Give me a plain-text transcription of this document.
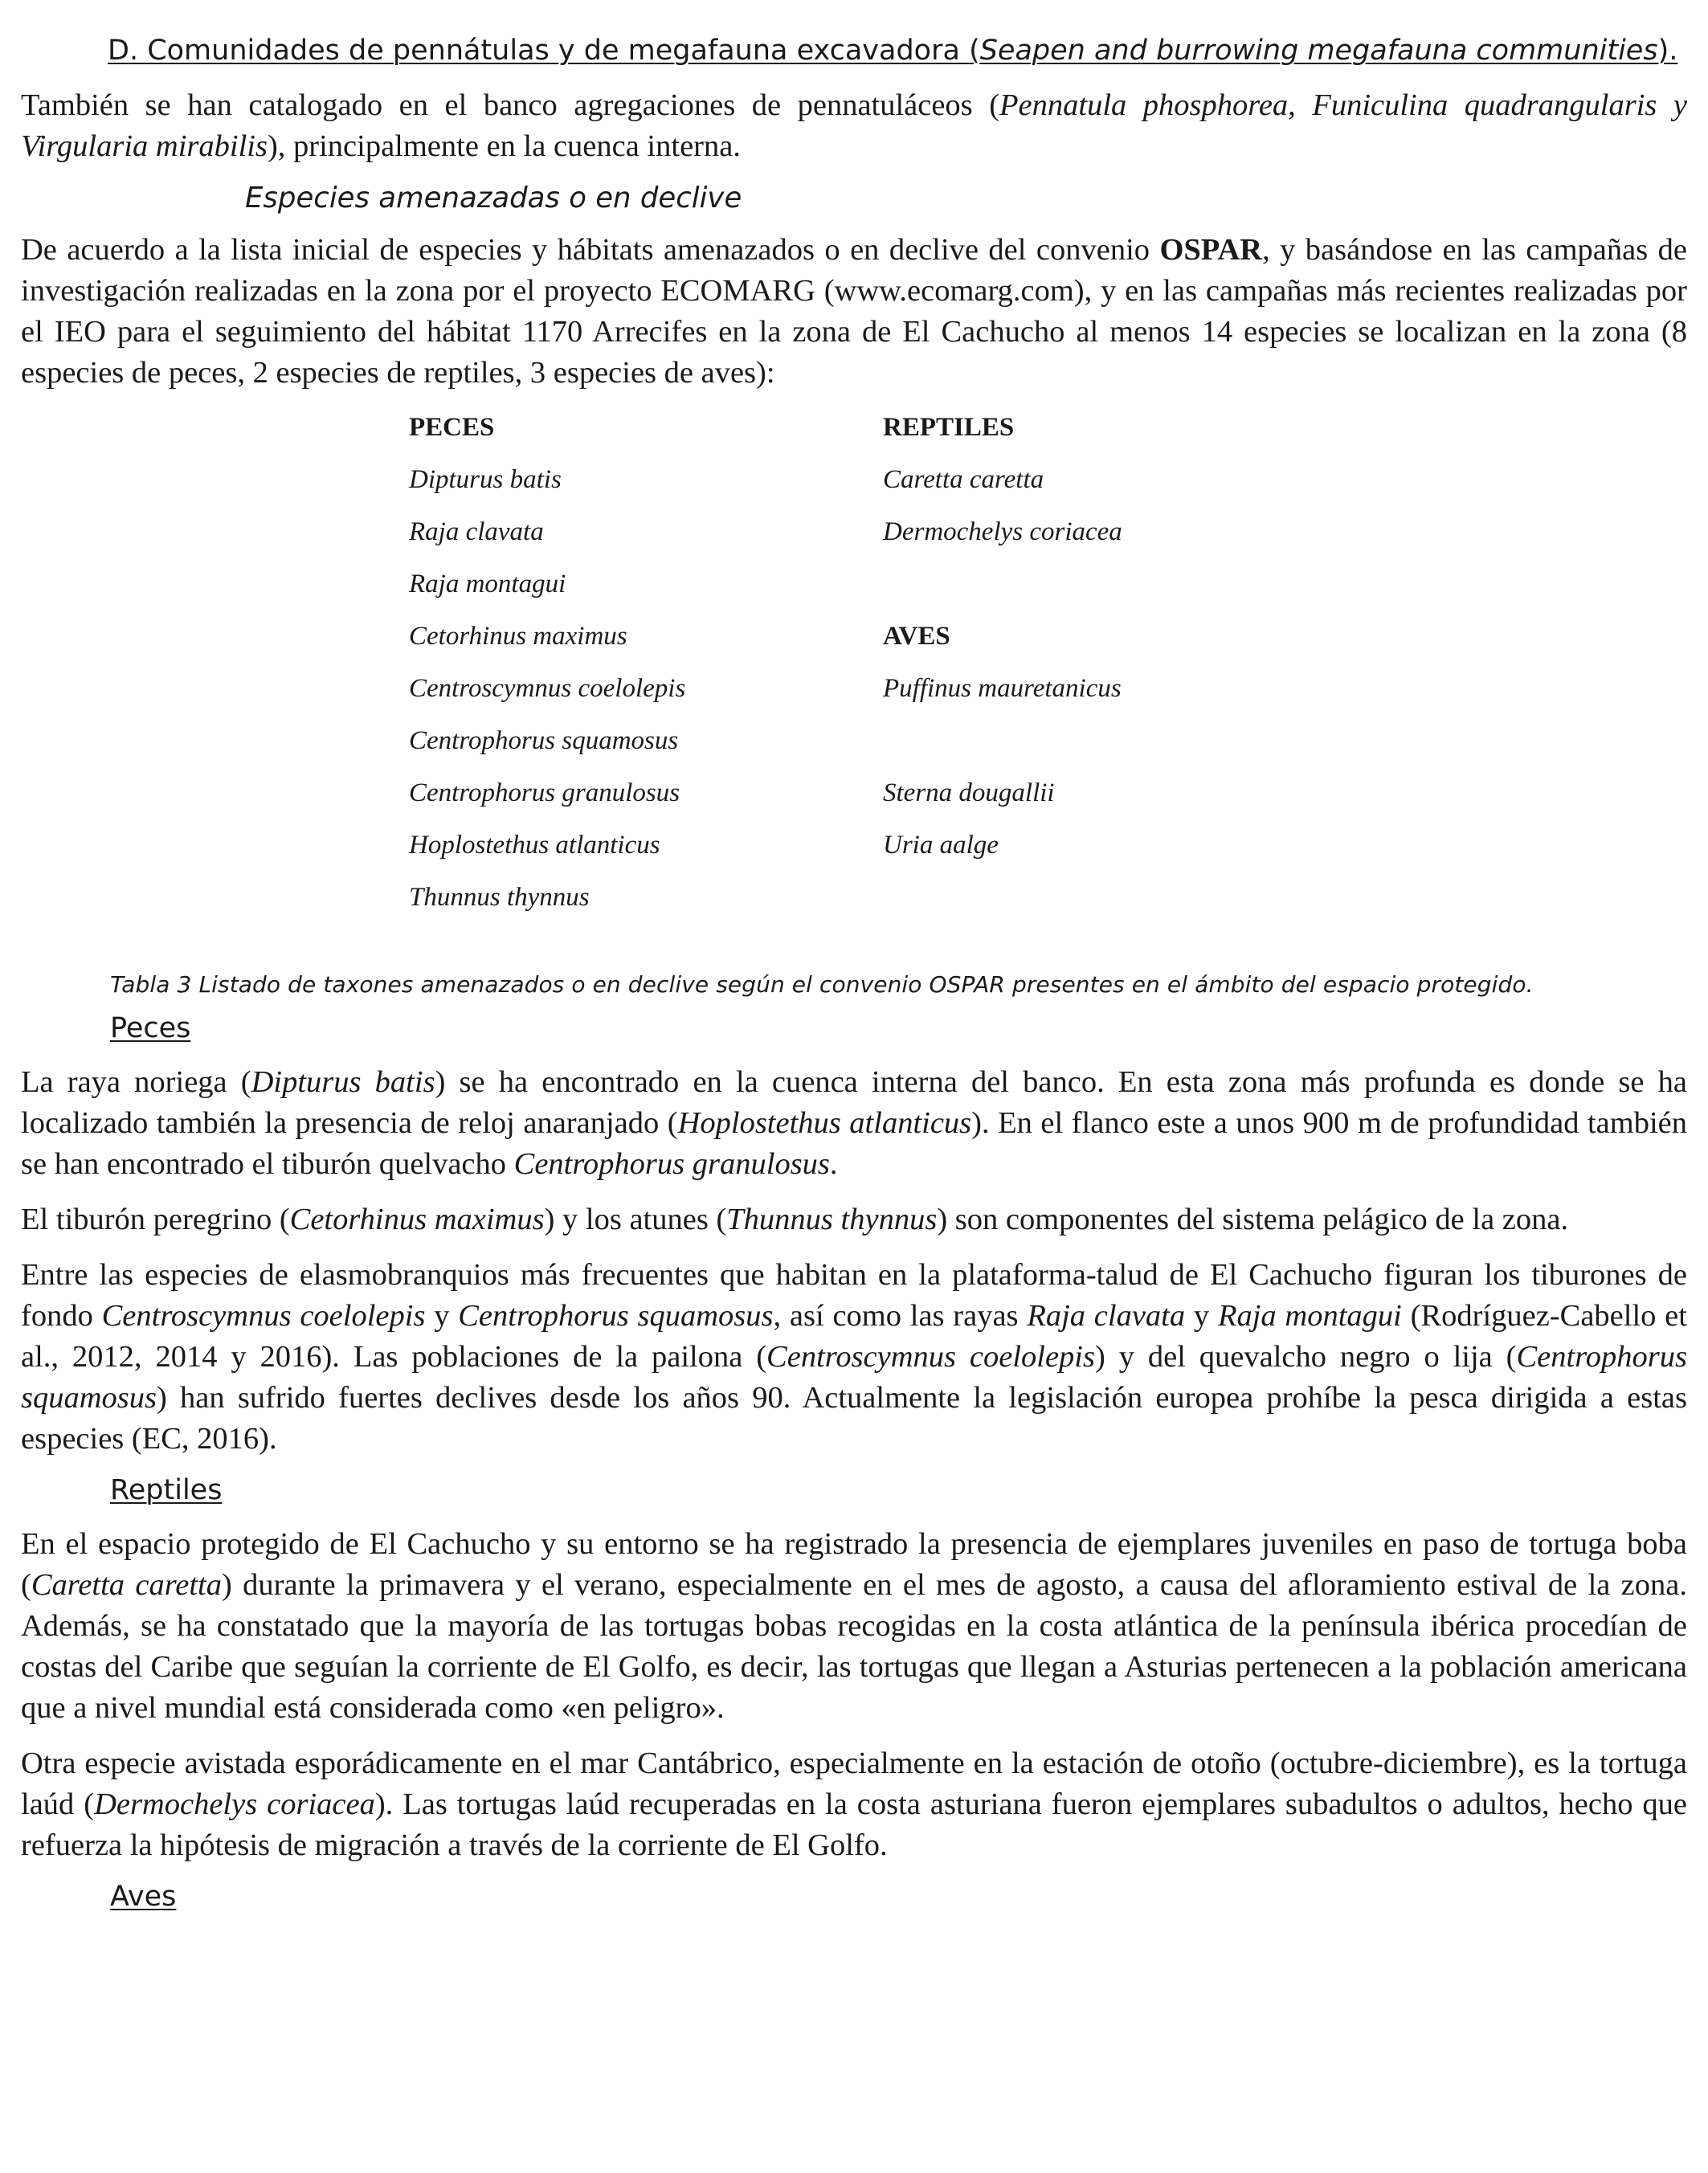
D. Comunidades de pennátulas y de megafauna excavadora (Seapen and burrowing megafauna communities).

También se han catalogado en el banco agregaciones de pennatuláceos (Pennatula phosphorea, Funiculina quadrangularis y Virgularia mirabilis), principalmente en la cuenca interna.

Especies amenazadas o en declive

De acuerdo a la lista inicial de especies y hábitats amenazados o en declive del convenio OSPAR, y basándose en las campañas de investigación realizadas en la zona por el proyecto ECOMARG (www.ecomarg.com), y en las campañas más recientes realizadas por el IEO para el seguimiento del hábitat 1170 Arrecifes en la zona de El Cachucho al menos 14 especies se localizan en la zona (8 especies de peces, 2 especies de reptiles, 3 especies de aves):

PECES
Dipturus batis
Raja clavata
Raja montagui
Cetorhinus maximus
Centroscymnus coelolepis
Centrophorus squamosus
Centrophorus granulosus
Hoplostethus atlanticus
Thunnus thynnus
REPTILES
Caretta caretta
Dermochelys coriacea
AVES
Puffinus mauretanicus
Sterna dougallii
Uria aalge

Tabla 3 Listado de taxones amenazados o en declive según el convenio OSPAR presentes en el ámbito del espacio protegido.

Peces

La raya noriega (Dipturus batis) se ha encontrado en la cuenca interna del banco. En esta zona más profunda es donde se ha localizado también la presencia de reloj anaranjado (Hoplostethus atlanticus). En el flanco este a unos 900 m de profundidad también se han encontrado el tiburón quelvacho Centrophorus granulosus.

El tiburón peregrino (Cetorhinus maximus) y los atunes (Thunnus thynnus) son componentes del sistema pelágico de la zona.

Entre las especies de elasmobranquios más frecuentes que habitan en la plataforma-talud de El Cachucho figuran los tiburones de fondo Centroscymnus coelolepis y Centrophorus squamosus, así como las rayas Raja clavata y Raja montagui (Rodríguez-Cabello et al., 2012, 2014 y 2016). Las poblaciones de la pailona (Centroscymnus coelolepis) y del quevalcho negro o lija (Centrophorus squamosus) han sufrido fuertes declives desde los años 90. Actualmente la legislación europea prohíbe la pesca dirigida a estas especies (EC, 2016).

Reptiles

En el espacio protegido de El Cachucho y su entorno se ha registrado la presencia de ejemplares juveniles en paso de tortuga boba (Caretta caretta) durante la primavera y el verano, especialmente en el mes de agosto, a causa del afloramiento estival de la zona. Además, se ha constatado que la mayoría de las tortugas bobas recogidas en la costa atlántica de la península ibérica procedían de costas del Caribe que seguían la corriente de El Golfo, es decir, las tortugas que llegan a Asturias pertenecen a la población americana que a nivel mundial está considerada como «en peligro».

Otra especie avistada esporádicamente en el mar Cantábrico, especialmente en la estación de otoño (octubre-diciembre), es la tortuga laúd (Dermochelys coriacea). Las tortugas laúd recuperadas en la costa asturiana fueron ejemplares subadultos o adultos, hecho que refuerza la hipótesis de migración a través de la corriente de El Golfo.

Aves
